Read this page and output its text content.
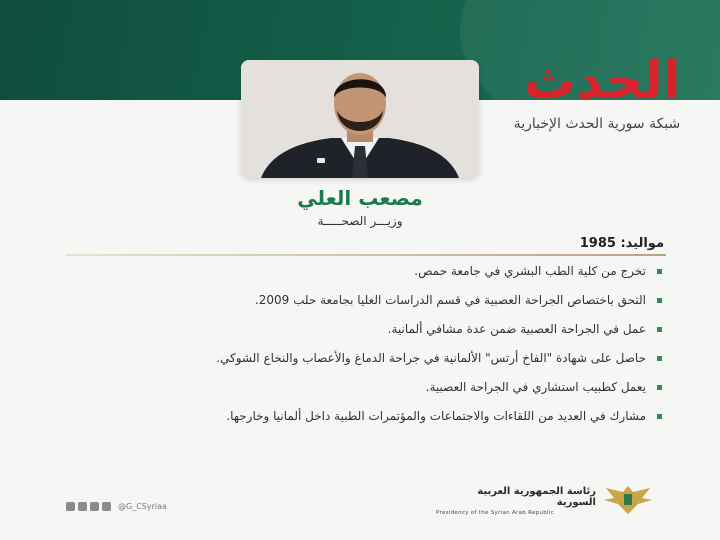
الحدث
شبكة سورية الحدث الإخبارية
مصعب العلي
وزيـــر الصحـــــة
مواليد: 1985
تخرج من كلية الطب البشري في جامعة حمص.
التحق باختصاص الجراحة العصبية في قسم الدراسات العليا بجامعة حلب 2009.
عمل في الجراحة العصبية ضمن عدة مشافي ألمانية.
حاصل على شهادة "الفاخ أرتس" الألمانية في جراحة الدماغ والأعصاب والنخاع الشوكي.
يعمل كطبيب استشاري في الجراحة العصبية.
مشارك في العديد من اللقاءات والاجتماعات والمؤتمرات الطبية داخل ألمانيا وخارجها.
@G_CSyriaa
رئاسة الجمهورية العربية السورية
Presidency of the Syrian Arab Republic
